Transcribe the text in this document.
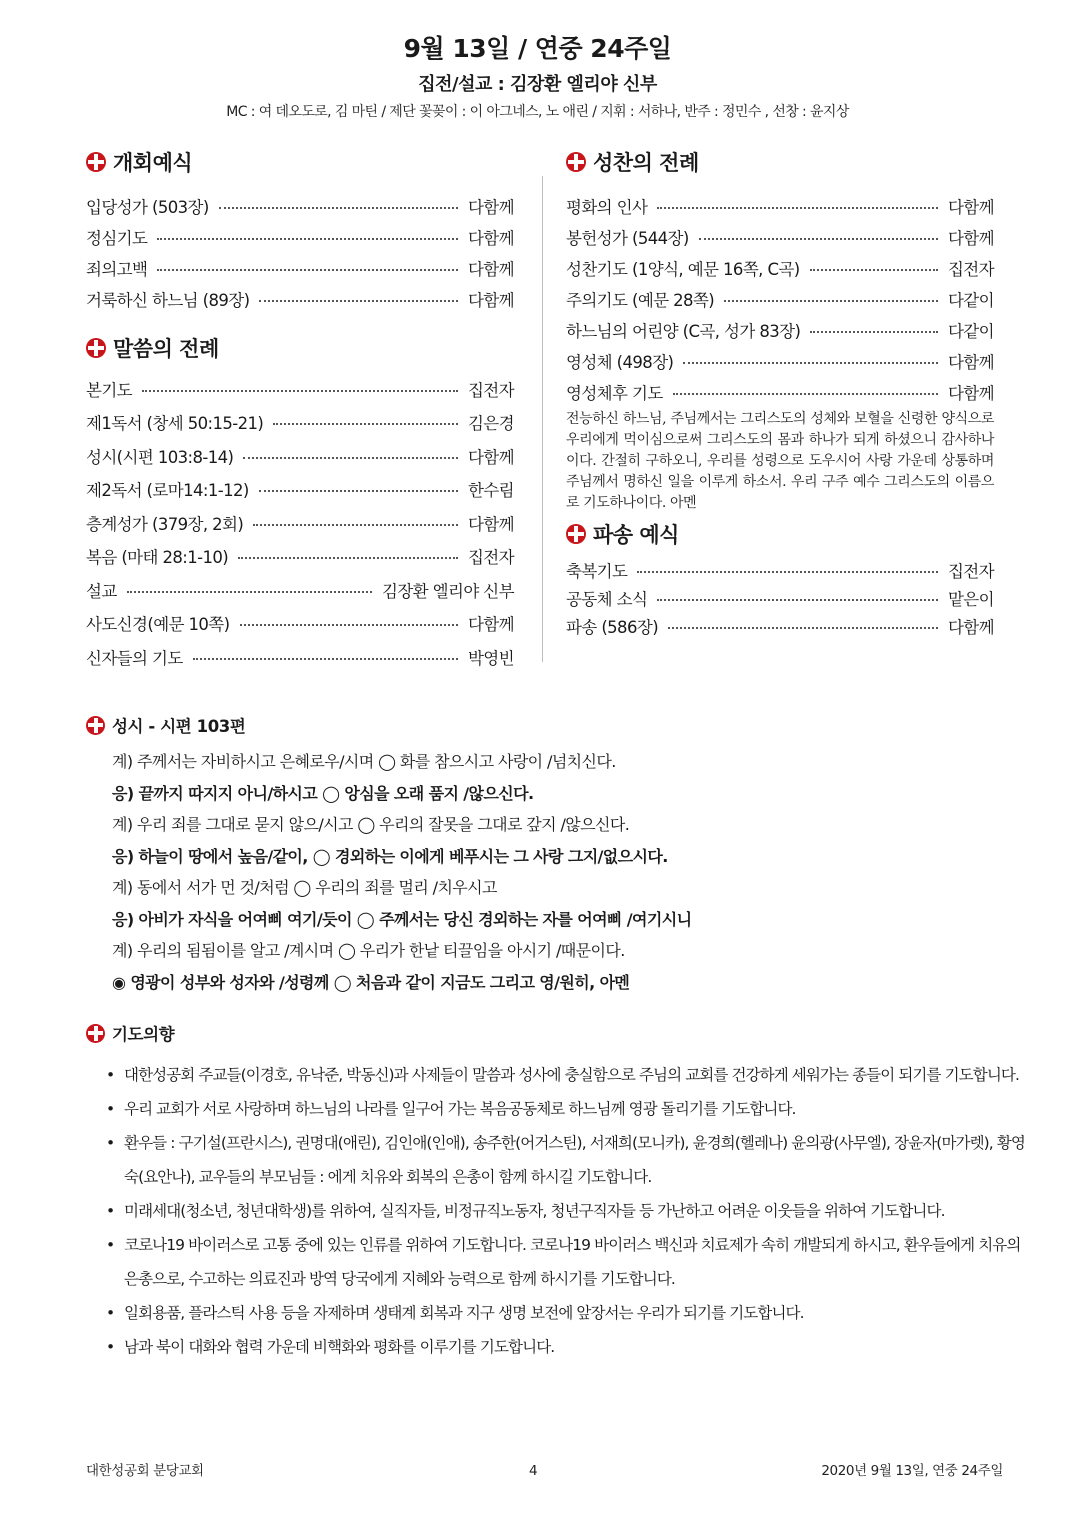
9월 13일 / 연중 24주일
집전/설교 : 김장환 엘리야 신부
MC : 여 데오도로, 김 마틴 / 제단 꽃꽂이 : 이 아그네스, 노 애린 / 지휘 : 서하나, 반주 : 정민수 , 선창 : 윤지상
개회예식
입당성가 (503장)	다함께
정심기도	다함께
죄의고백	다함께
거룩하신 하느님 (89장)	다함께
말씀의 전례
본기도	집전자
제1독서 (창세 50:15-21)	김은경
성시(시편 103:8-14)	다함께
제2독서 (로마14:1-12)	한수림
층계성가 (379장, 2회)	다함께
복음 (마태 28:1-10)	집전자
설교	김장환 엘리야 신부
사도신경(예문 10쪽)	다함께
신자들의 기도	박영빈
성찬의 전례
평화의 인사	다함께
봉헌성가 (544장)	다함께
성찬기도 (1양식, 예문 16쪽, C곡)	집전자
주의기도 (예문 28쪽)	다같이
하느님의 어린양 (C곡, 성가 83장)	다같이
영성체 (498장)	다함께
영성체후 기도	다함께

전능하신 하느님, 주님께서는 그리스도의 성체와 보혈을 신령한 양식으로 우리에게 먹이심으로써 그리스도의 몸과 하나가 되게 하셨으니 감사하나이다. 간절히 구하오니, 우리를 성령으로 도우시어 사랑 가운데 상통하며 주님께서 명하신 일을 이루게 하소서. 우리 구주 예수 그리스도의 이름으로 기도하나이다. 아멘

파송 예식
축복기도	집전자
공동체 소식	맡은이
파송 (586장)	다함께
성시 - 시편 103편
계) 주께서는 자비하시고 은혜로우/시며 ◯ 화를 참으시고 사랑이 /넘치신다.
응) 끝까지 따지지 아니/하시고 ◯ 앙심을 오래 품지 /않으신다.
계) 우리 죄를 그대로 묻지 않으/시고 ◯ 우리의 잘못을 그대로 갚지 /않으신다.
응) 하늘이 땅에서 높음/같이, ◯ 경외하는 이에게 베푸시는 그 사랑 그지/없으시다.
계) 동에서 서가 먼 것/처럼 ◯ 우리의 죄를 멀리 /치우시고
응) 아비가 자식을 어여삐 여기/듯이 ◯ 주께서는 당신 경외하는 자를 어여삐 /여기시니
계) 우리의 됨됨이를 알고 /계시며 ◯ 우리가 한낱 티끌임을 아시기 /때문이다.
◉ 영광이 성부와 성자와 /성령께 ◯ 처음과 같이 지금도 그리고 영/원히, 아멘
기도의향
• 대한성공회 주교들(이경호, 유낙준, 박동신)과 사제들이 말씀과 성사에 충실함으로 주님의 교회를 건강하게 세워가는 종들이 되기를 기도합니다.
• 우리 교회가 서로 사랑하며 하느님의 나라를 일구어 가는 복음공동체로 하느님께 영광 돌리기를 기도합니다.
• 환우들 : 구기설(프란시스), 권명대(애린), 김인애(인애), 송주한(어거스틴), 서재희(모니카), 윤경희(헬레나) 윤의광(사무엘), 장윤자(마가렛), 황영숙(요안나), 교우들의 부모님들 : 에게 치유와 회복의 은총이 함께 하시길 기도합니다.
• 미래세대(청소년, 청년대학생)를 위하여, 실직자들, 비정규직노동자, 청년구직자들 등 가난하고 어려운 이웃들을 위하여 기도합니다.
• 코로나19 바이러스로 고통 중에 있는 인류를 위하여 기도합니다. 코로나19 바이러스 백신과 치료제가 속히 개발되게 하시고, 환우들에게 치유의 은총으로, 수고하는 의료진과 방역 당국에게 지혜와 능력으로 함께 하시기를 기도합니다.
• 일회용품, 플라스틱 사용 등을 자제하며 생태계 회복과 지구 생명 보전에 앞장서는 우리가 되기를 기도합니다.
• 남과 북이 대화와 협력 가운데 비핵화와 평화를 이루기를 기도합니다.
대한성공회 분당교회	4	2020년 9월 13일, 연중 24주일
